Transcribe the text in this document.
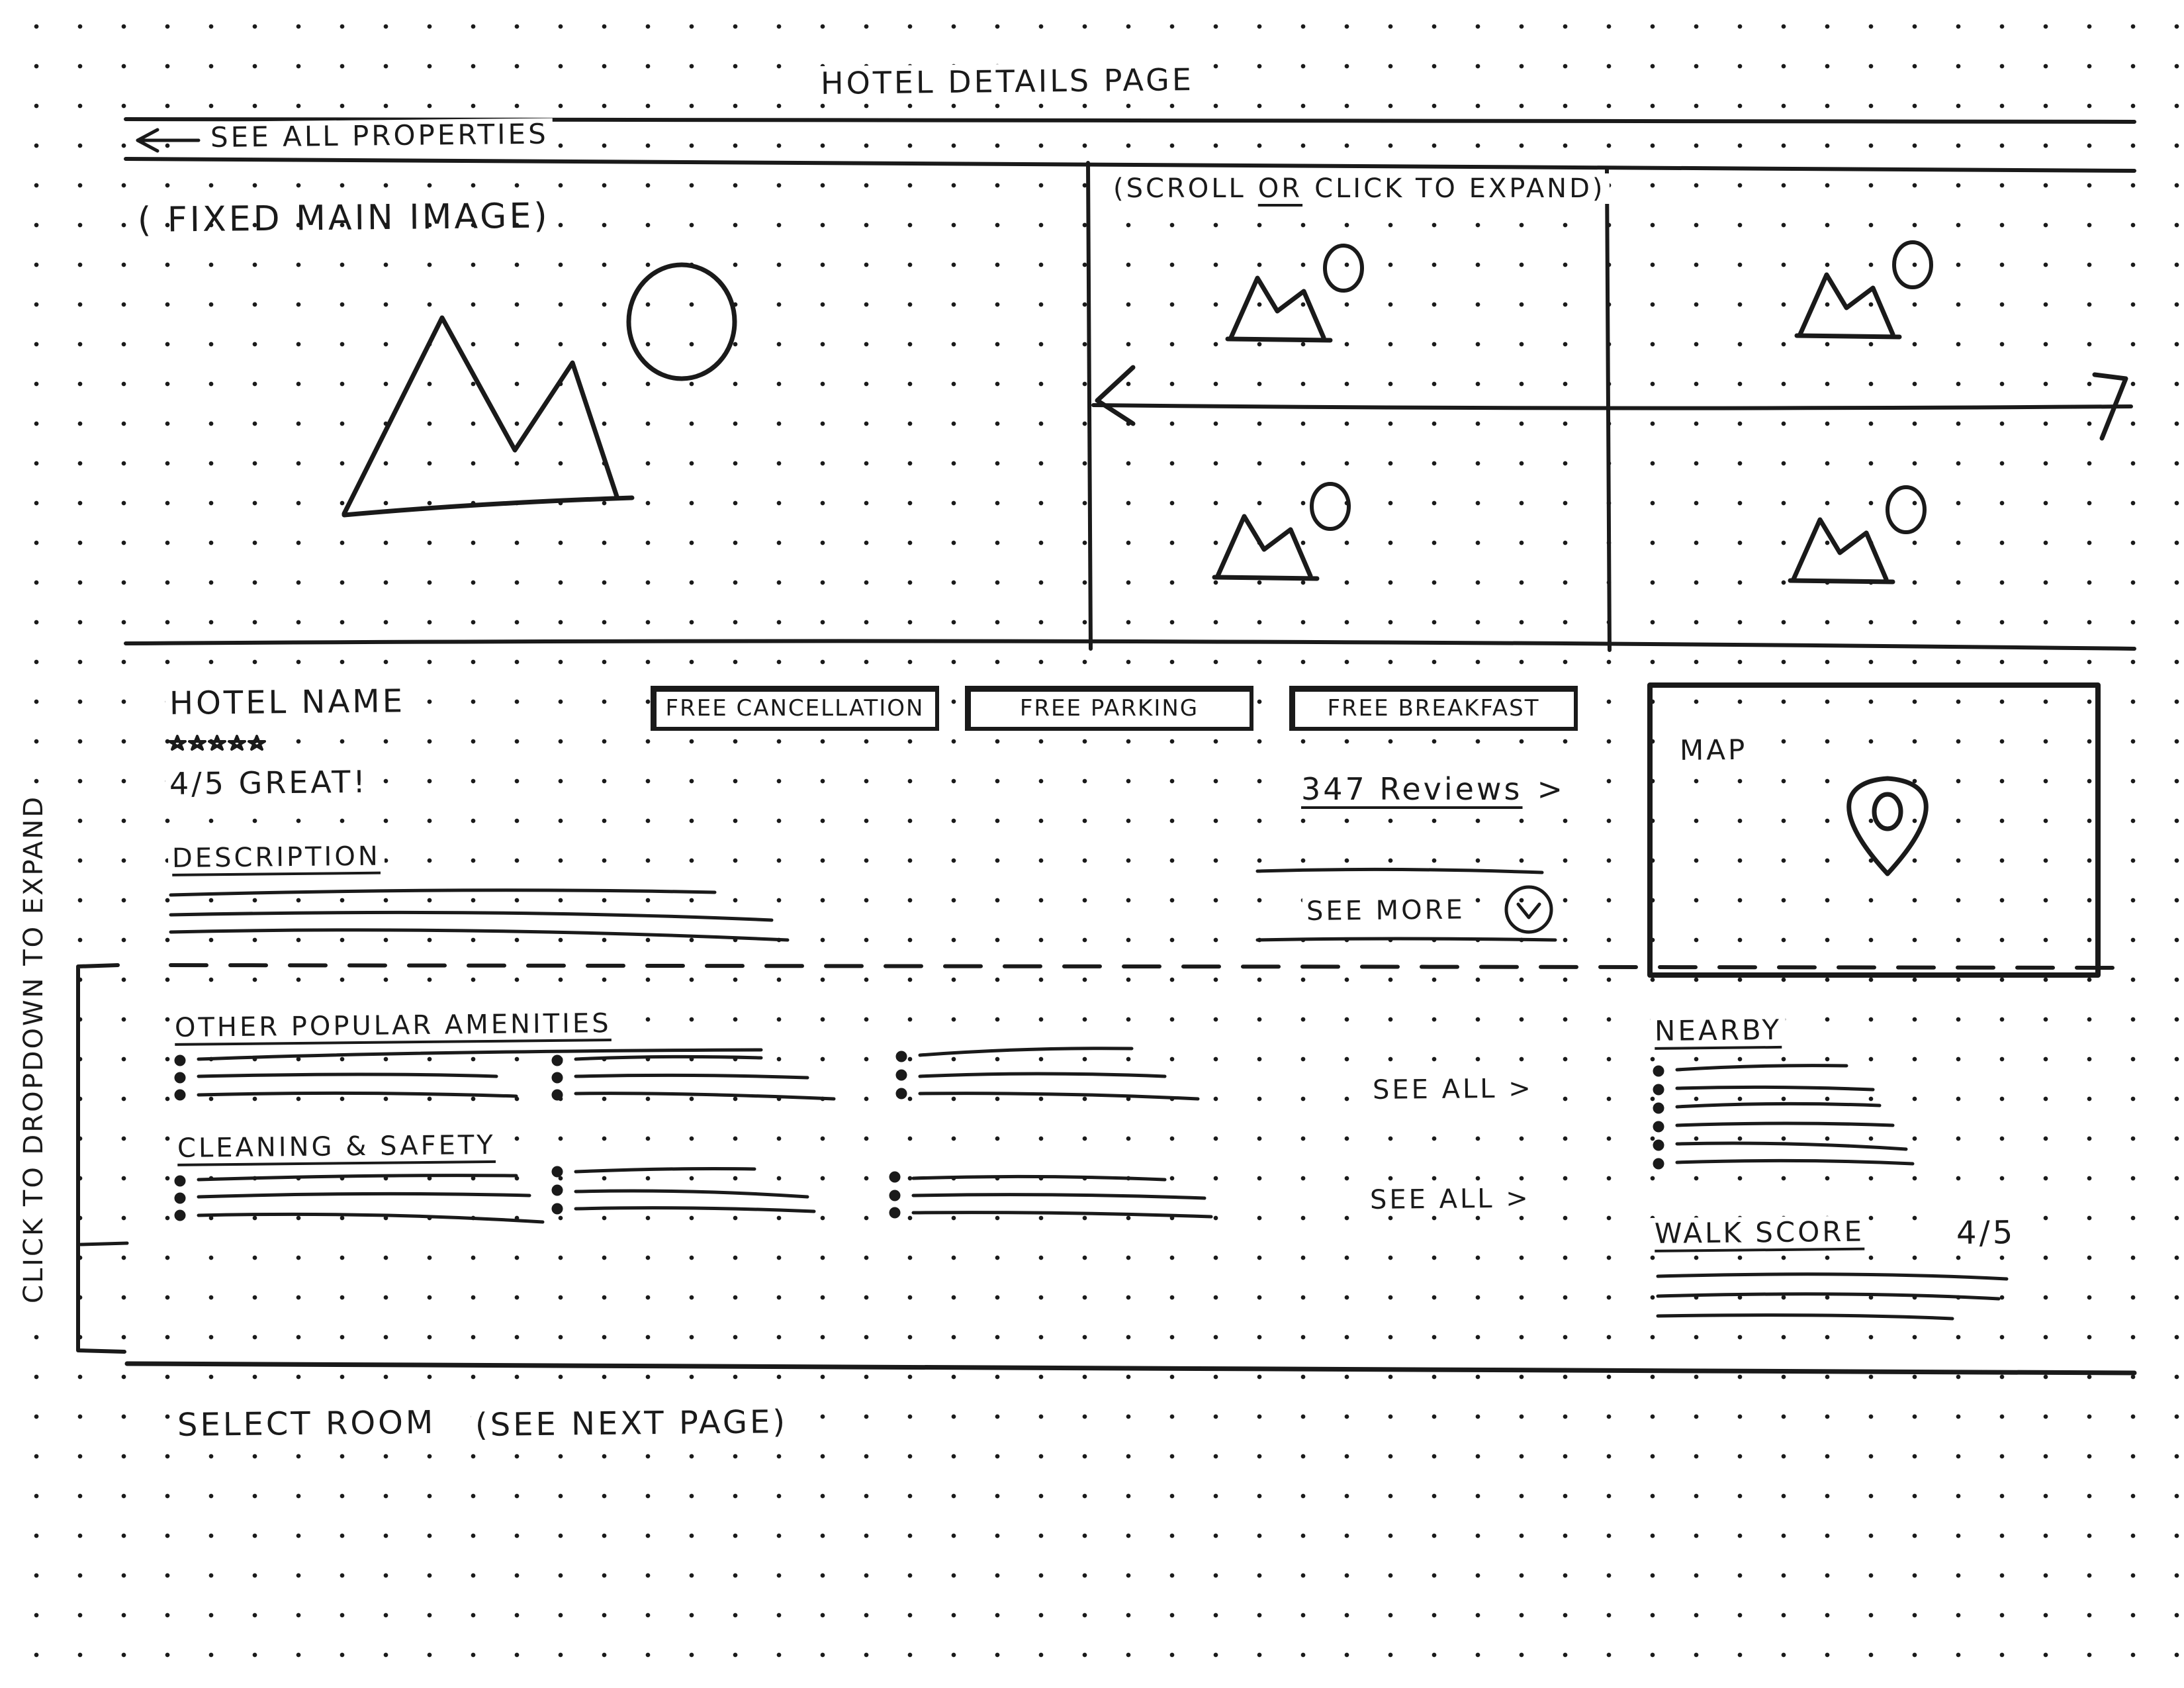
HOTEL DETAILS PAGE
SEE ALL PROPERTIES
( FIXED MAIN IMAGE)
(SCROLL OR CLICK TO EXPAND)
HOTEL NAME
4/5 GREAT!
DESCRIPTION
FREE CANCELLATION	FREE PARKING	FREE BREAKFAST
347 Reviews >
SEE MORE
MAP
CLICK TO DROPDOWN TO EXPAND	OTHER POPULAR AMENITIES
SEE ALL >
CLEANING & SAFETY
SEE ALL >
NEARBY
WALK SCORE	4/5
SELECT ROOM (SEE NEXT PAGE)
